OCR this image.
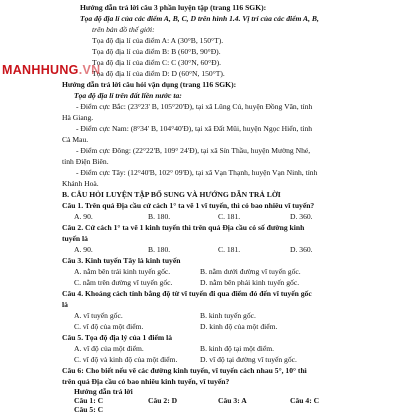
Hướng dẫn trả lời câu 3 phần luyện tập (trang 116 SGK):
Tọa độ địa lí của các điểm A, B, C, D trên hình 1.4. Vị trí của các điểm A, B,
trên bản đồ thế giới:
Tọa độ địa lí của điểm A: A (30°B, 150°T).
Tọa độ địa lí của điểm B: B (60°B, 90°Đ).
Tọa độ địa lí của điểm C: C (30°N, 60°Đ).
Tọa độ địa lí của điểm D: D (60°N, 150°T).
MANHHUNG.VN
Hướng dẫn trả lời câu hỏi vận dụng (trang 116 SGK):
Tọa độ địa lí trên đất liền nước ta:
- Điểm cực Bắc: (23°23' B, 105°20'Đ), tại xã Lũng Cú, huyện Đồng Văn, tỉnh
Hà Giang.
- Điểm cực Nam: (8°34' B, 104°40'Đ), tại xã Đất Mũi, huyện Ngọc Hiển, tỉnh
Cà Mau.
- Điểm cực Đông: (22°22'B, 109° 24'Đ), tại xã Sín Thầu, huyện Mường Nhé,
tỉnh Điện Biên.
- Điểm cực Tây: (12°40'B, 102° 09'Đ), tại xã Vạn Thạnh, huyện Vạn Ninh, tỉnh
Khánh Hoà.
B. CÂU HỎI LUYỆN TẬP BỔ SUNG VÀ HƯỚNG DẪN TRẢ LỜI
Câu 1. Trên quả Địa cầu cứ cách 1° ta vẽ 1 vĩ tuyến, thì có bao nhiêu vĩ tuyến?
A. 90.	B. 180.	C. 181.	D. 360.
Câu 2. Cứ cách 1° ta vẽ 1 kinh tuyến thì trên quả Địa cầu có số đường kinh
tuyến là
A. 90.	B. 180.	C. 181.	D. 360.
Câu 3. Kinh tuyến Tây là kinh tuyến
A. nằm bên trái kinh tuyến gốc.	B. nằm dưới đường vĩ tuyến gốc.
C. nằm trên đường vĩ tuyến gốc.	D. nằm bên phải kinh tuyến gốc.
Câu 4. Khoảng cách tính bằng độ từ vĩ tuyến đi qua điểm đó đến vĩ tuyến gốc
là
A. vĩ tuyến gốc.	B. kinh tuyến gốc.
C. vĩ độ của một điểm.	D. kinh độ của một điểm.
Câu 5. Tọa độ địa lý của 1 điểm là
A. vĩ độ của một điểm.	B. kinh độ tại một điểm.
C. vĩ độ và kinh độ của một điểm.	D. vĩ độ tại đường vĩ tuyến gốc.
Câu 6: Cho biết nếu vẽ các đường kinh tuyến, vĩ tuyến cách nhau 5°, 10° thì
trên quả Địa cầu có bao nhiêu kinh tuyến, vĩ tuyến?
Hướng dẫn trả lời
Câu 1: C	Câu 2: D	Câu 3: A	Câu 4: C
Câu 5: C
